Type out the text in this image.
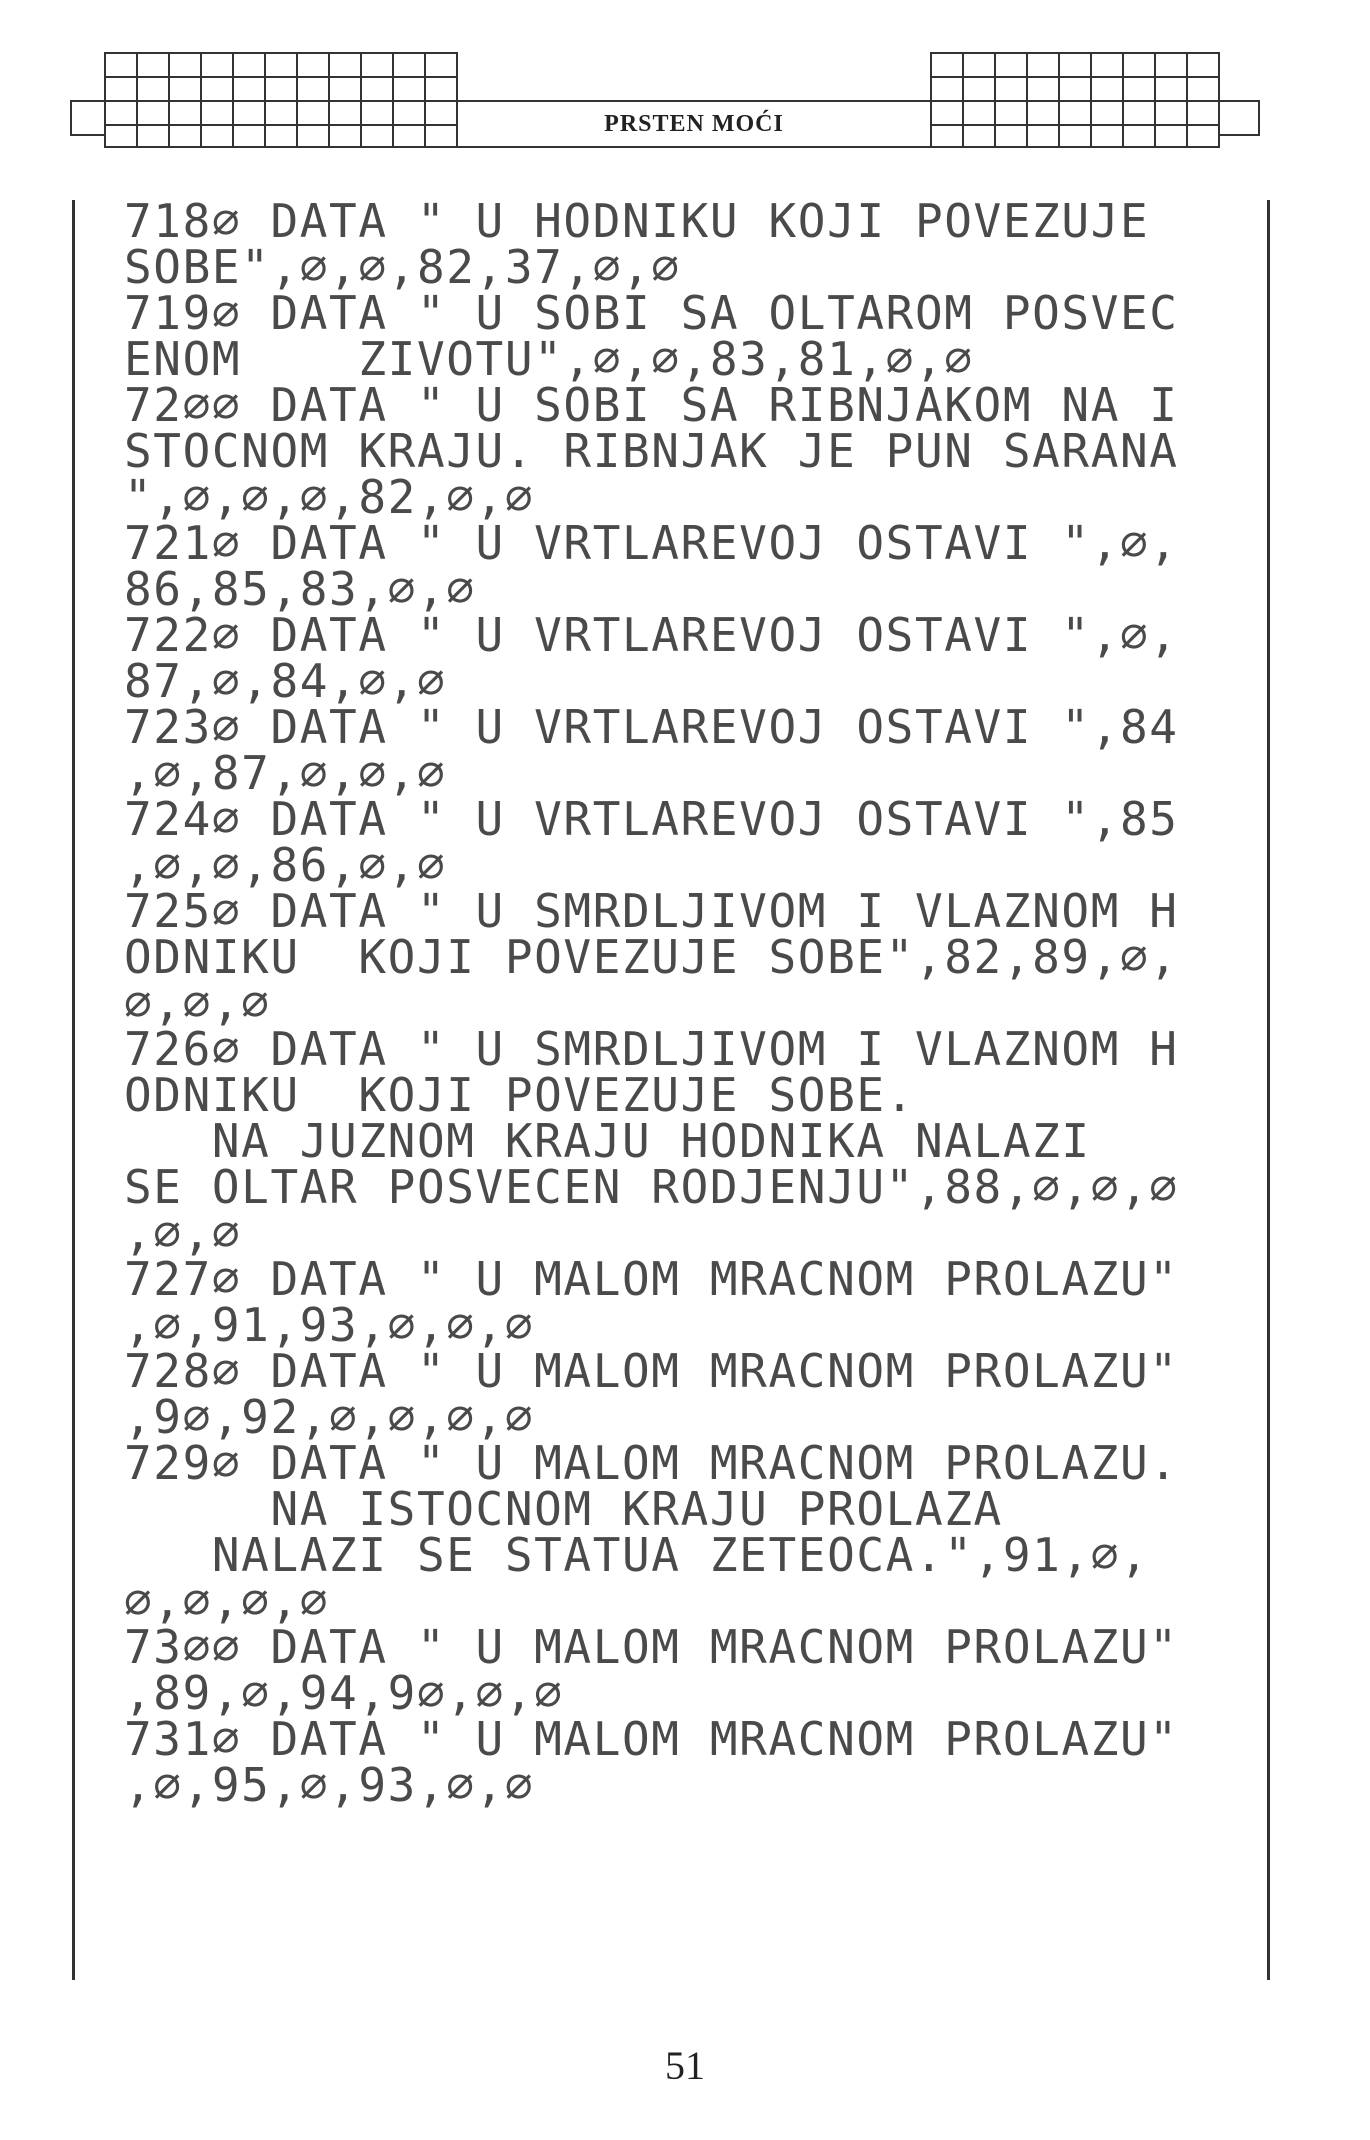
PRSTEN MOĆI
718∅ DATA " U HODNIKU KOJI POVEZUJE
SOBE",∅,∅,82,37,∅,∅
719∅ DATA " U SOBI SA OLTAROM POSVEC
ENOM    ZIVOTU",∅,∅,83,81,∅,∅
72∅∅ DATA " U SOBI SA RIBNJAKOM NA I
STOCNOM KRAJU. RIBNJAK JE PUN SARANA
",∅,∅,∅,82,∅,∅
721∅ DATA " U VRTLAREVOJ OSTAVI ",∅,
86,85,83,∅,∅
722∅ DATA " U VRTLAREVOJ OSTAVI ",∅,
87,∅,84,∅,∅
723∅ DATA " U VRTLAREVOJ OSTAVI ",84
,∅,87,∅,∅,∅
724∅ DATA " U VRTLAREVOJ OSTAVI ",85
,∅,∅,86,∅,∅
725∅ DATA " U SMRDLJIVOM I VLAZNOM H
ODNIKU  KOJI POVEZUJE SOBE",82,89,∅,
∅,∅,∅
726∅ DATA " U SMRDLJIVOM I VLAZNOM H
ODNIKU  KOJI POVEZUJE SOBE.
NA JUZNOM KRAJU HODNIKA NALAZI
SE OLTAR POSVECEN RODJENJU",88,∅,∅,∅
,∅,∅
727∅ DATA " U MALOM MRACNOM PROLAZU"
,∅,91,93,∅,∅,∅
728∅ DATA " U MALOM MRACNOM PROLAZU"
,9∅,92,∅,∅,∅,∅
729∅ DATA " U MALOM MRACNOM PROLAZU.
NA ISTOCNOM KRAJU PROLAZA
NALAZI SE STATUA ZETEOCA.",91,∅,
∅,∅,∅,∅
73∅∅ DATA " U MALOM MRACNOM PROLAZU"
,89,∅,94,9∅,∅,∅
731∅ DATA " U MALOM MRACNOM PROLAZU"
,∅,95,∅,93,∅,∅
51
